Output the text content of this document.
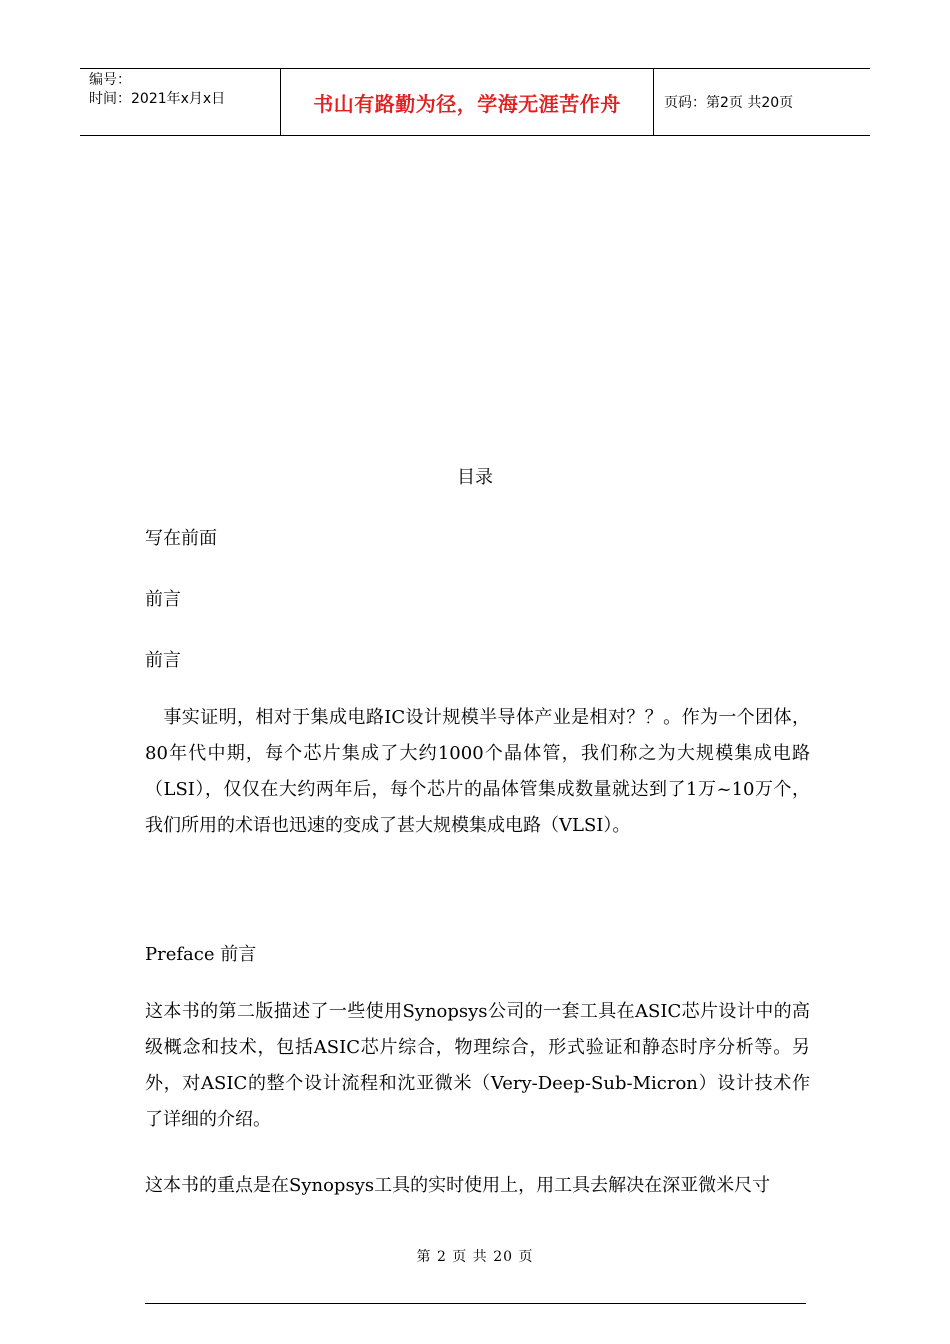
编号：
时间：2021年x月x日	书山有路勤为径，学海无涯苦作舟	页码：第2页 共20页
目录
写在前面
前言
前言
　事实证明，相对于集成电路IC设计规模半导体产业是相对？？。作为一个团体，80年代中期，每个芯片集成了大约1000个晶体管，我们称之为大规模集成电路（LSI），仅仅在大约两年后，每个芯片的晶体管集成数量就达到了1万~10万个，我们所用的术语也迅速的变成了甚大规模集成电路（VLSI）。
Preface 前言
这本书的第二版描述了一些使用Synopsys公司的一套工具在ASIC芯片设计中的高级概念和技术，包括ASIC芯片综合，物理综合，形式验证和静态时序分析等。另外，对ASIC的整个设计流程和沈亚微米（Very-Deep-Sub-Micron）设计技术作了详细的介绍。
这本书的重点是在Synopsys工具的实时使用上，用工具去解决在深亚微米尺寸
第 2 页 共 20 页
